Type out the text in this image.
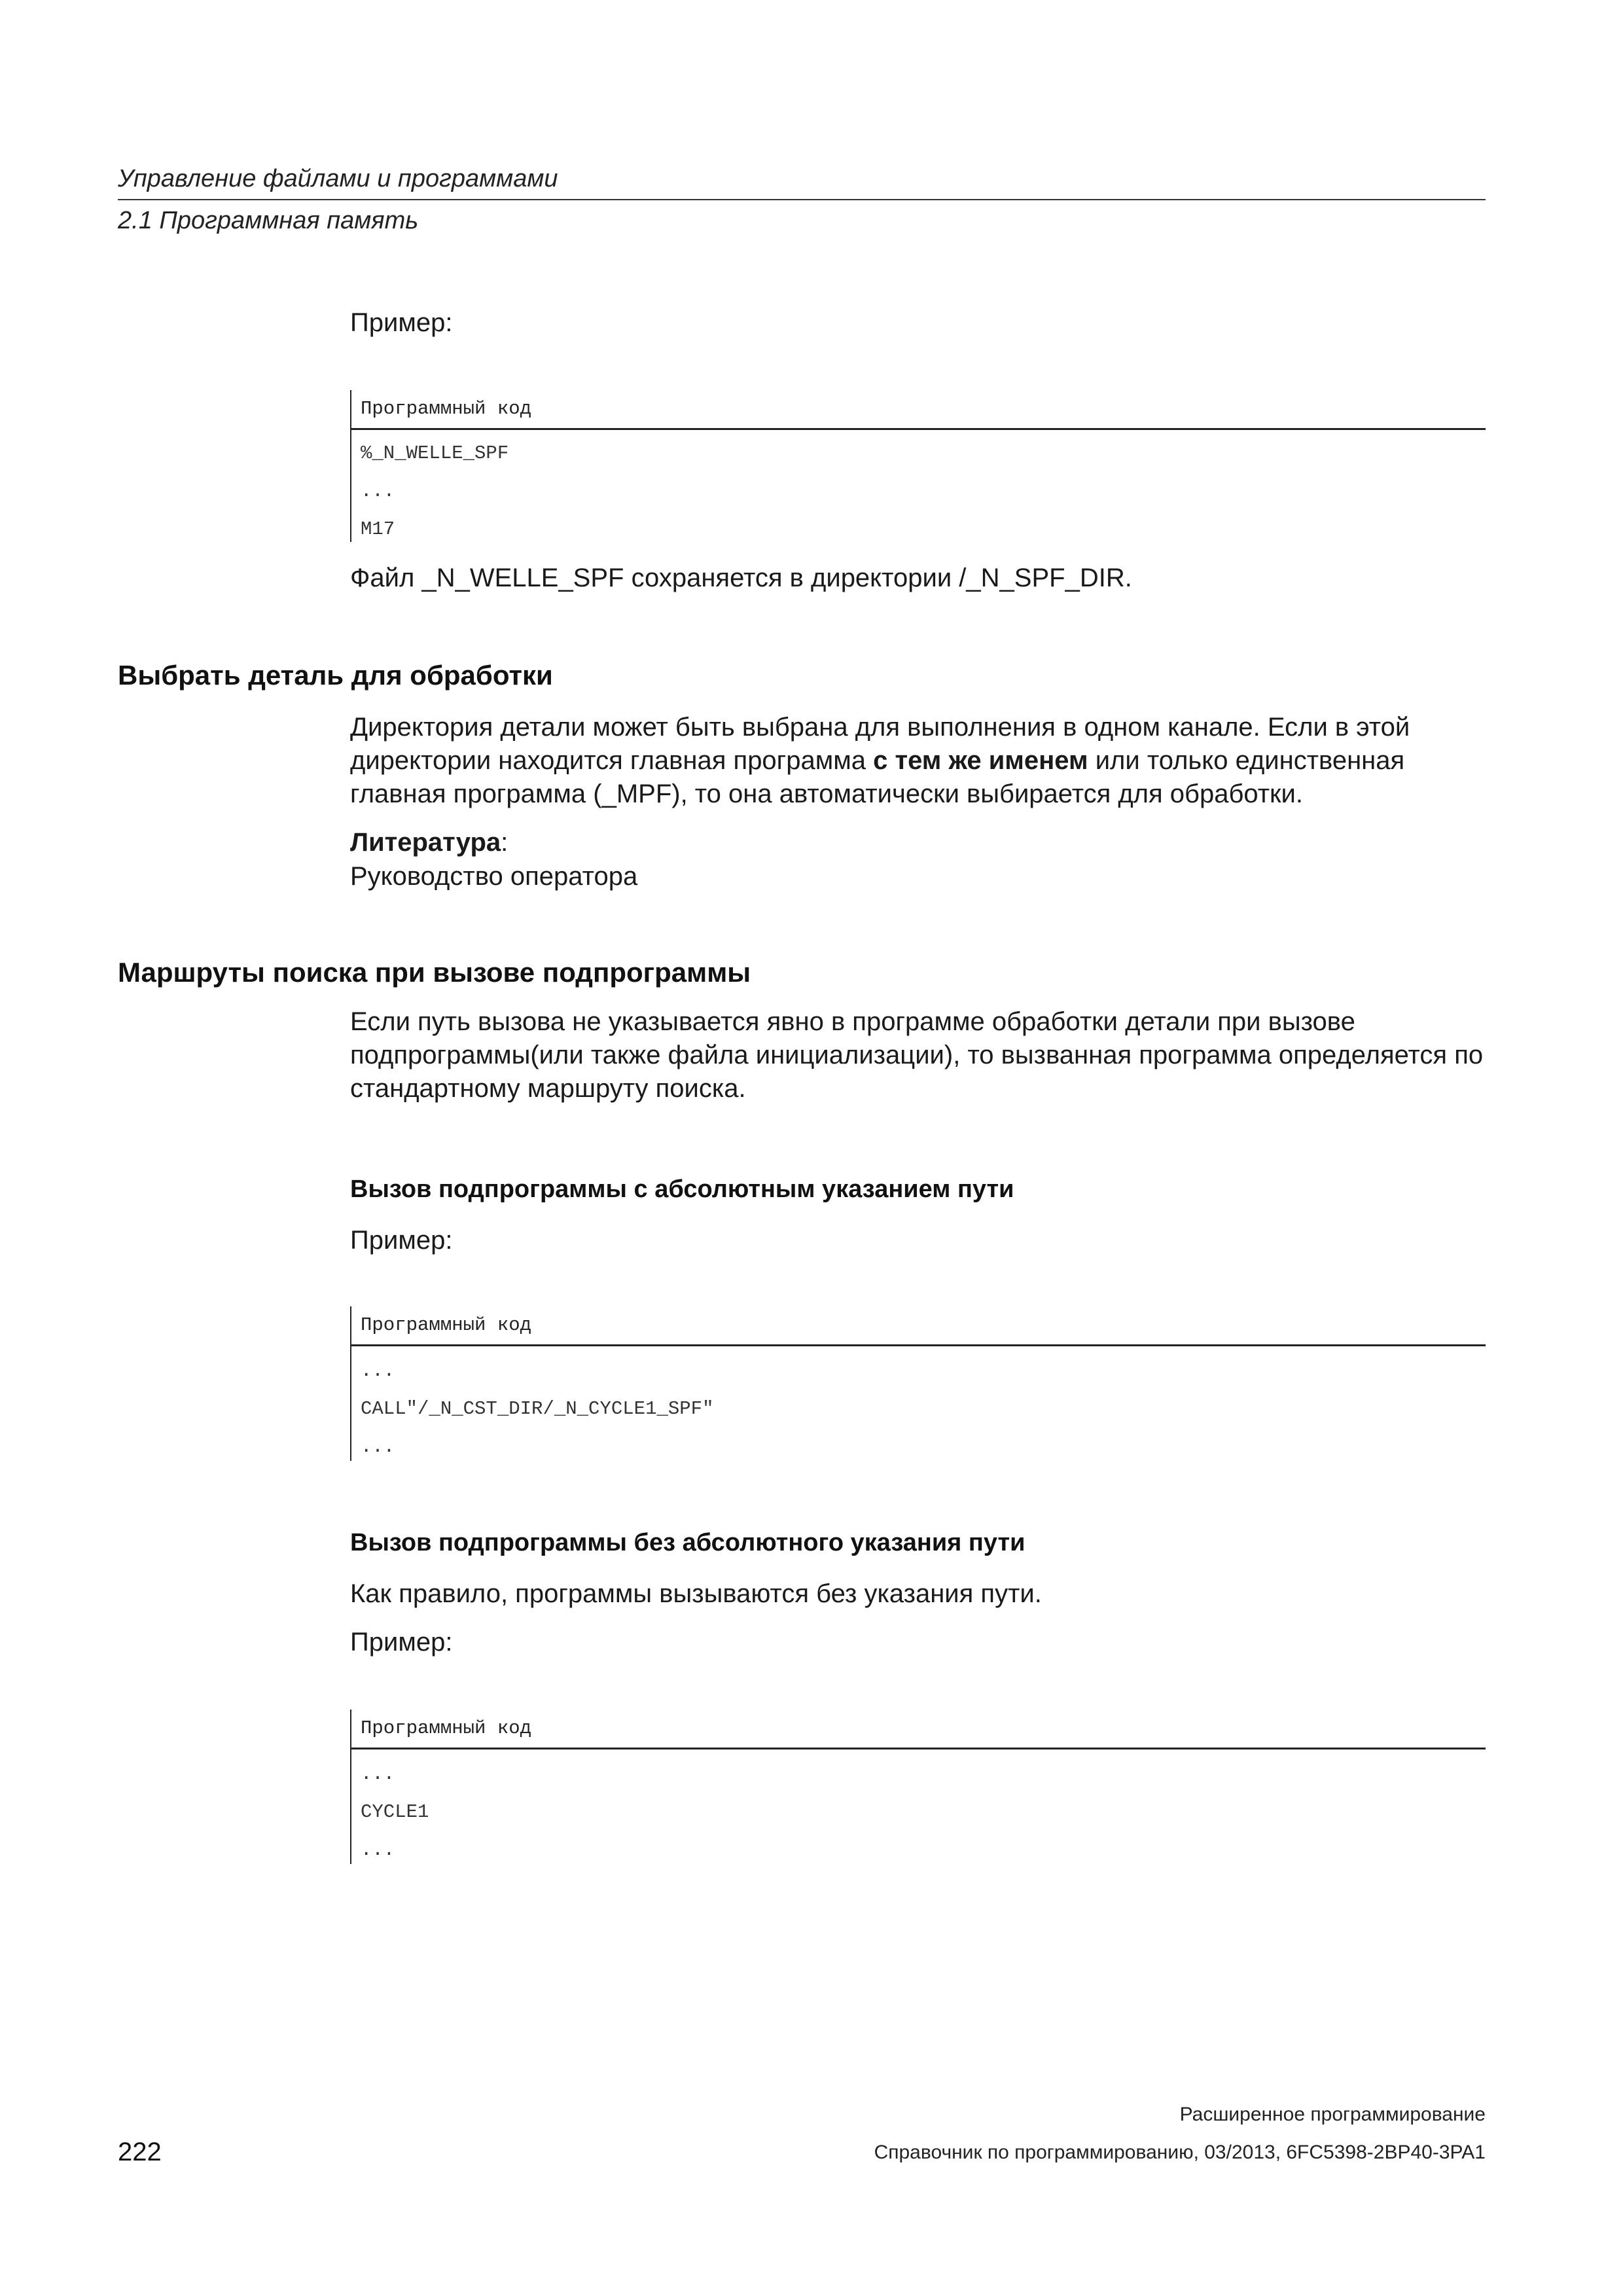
Управление файлами и программами
2.1 Программная память
Пример:
Программный код
%_N_WELLE_SPF
...
M17
Файл _N_WELLE_SPF сохраняется в директории /_N_SPF_DIR.
Выбрать деталь для обработки
Директория детали может быть выбрана для выполнения в одном канале. Если в этой директории находится главная программа с тем же именем или только единственная главная программа (_MPF), то она автоматически выбирается для обработки.
Литература:
Руководство оператора
Маршруты поиска при вызове подпрограммы
Если путь вызова не указывается явно в программе обработки детали при вызове подпрограммы(или также файла инициализации), то вызванная программа определяется по стандартному маршруту поиска.
Вызов подпрограммы с абсолютным указанием пути
Пример:
Программный код
...
CALL"/_N_CST_DIR/_N_CYCLE1_SPF"
...
Вызов подпрограммы без абсолютного указания пути
Как правило, программы вызываются без указания пути.
Пример:
Программный код
...
CYCLE1
...
Расширенное программирование
222	Справочник по программированию, 03/2013, 6FC5398-2BP40-3PA1
